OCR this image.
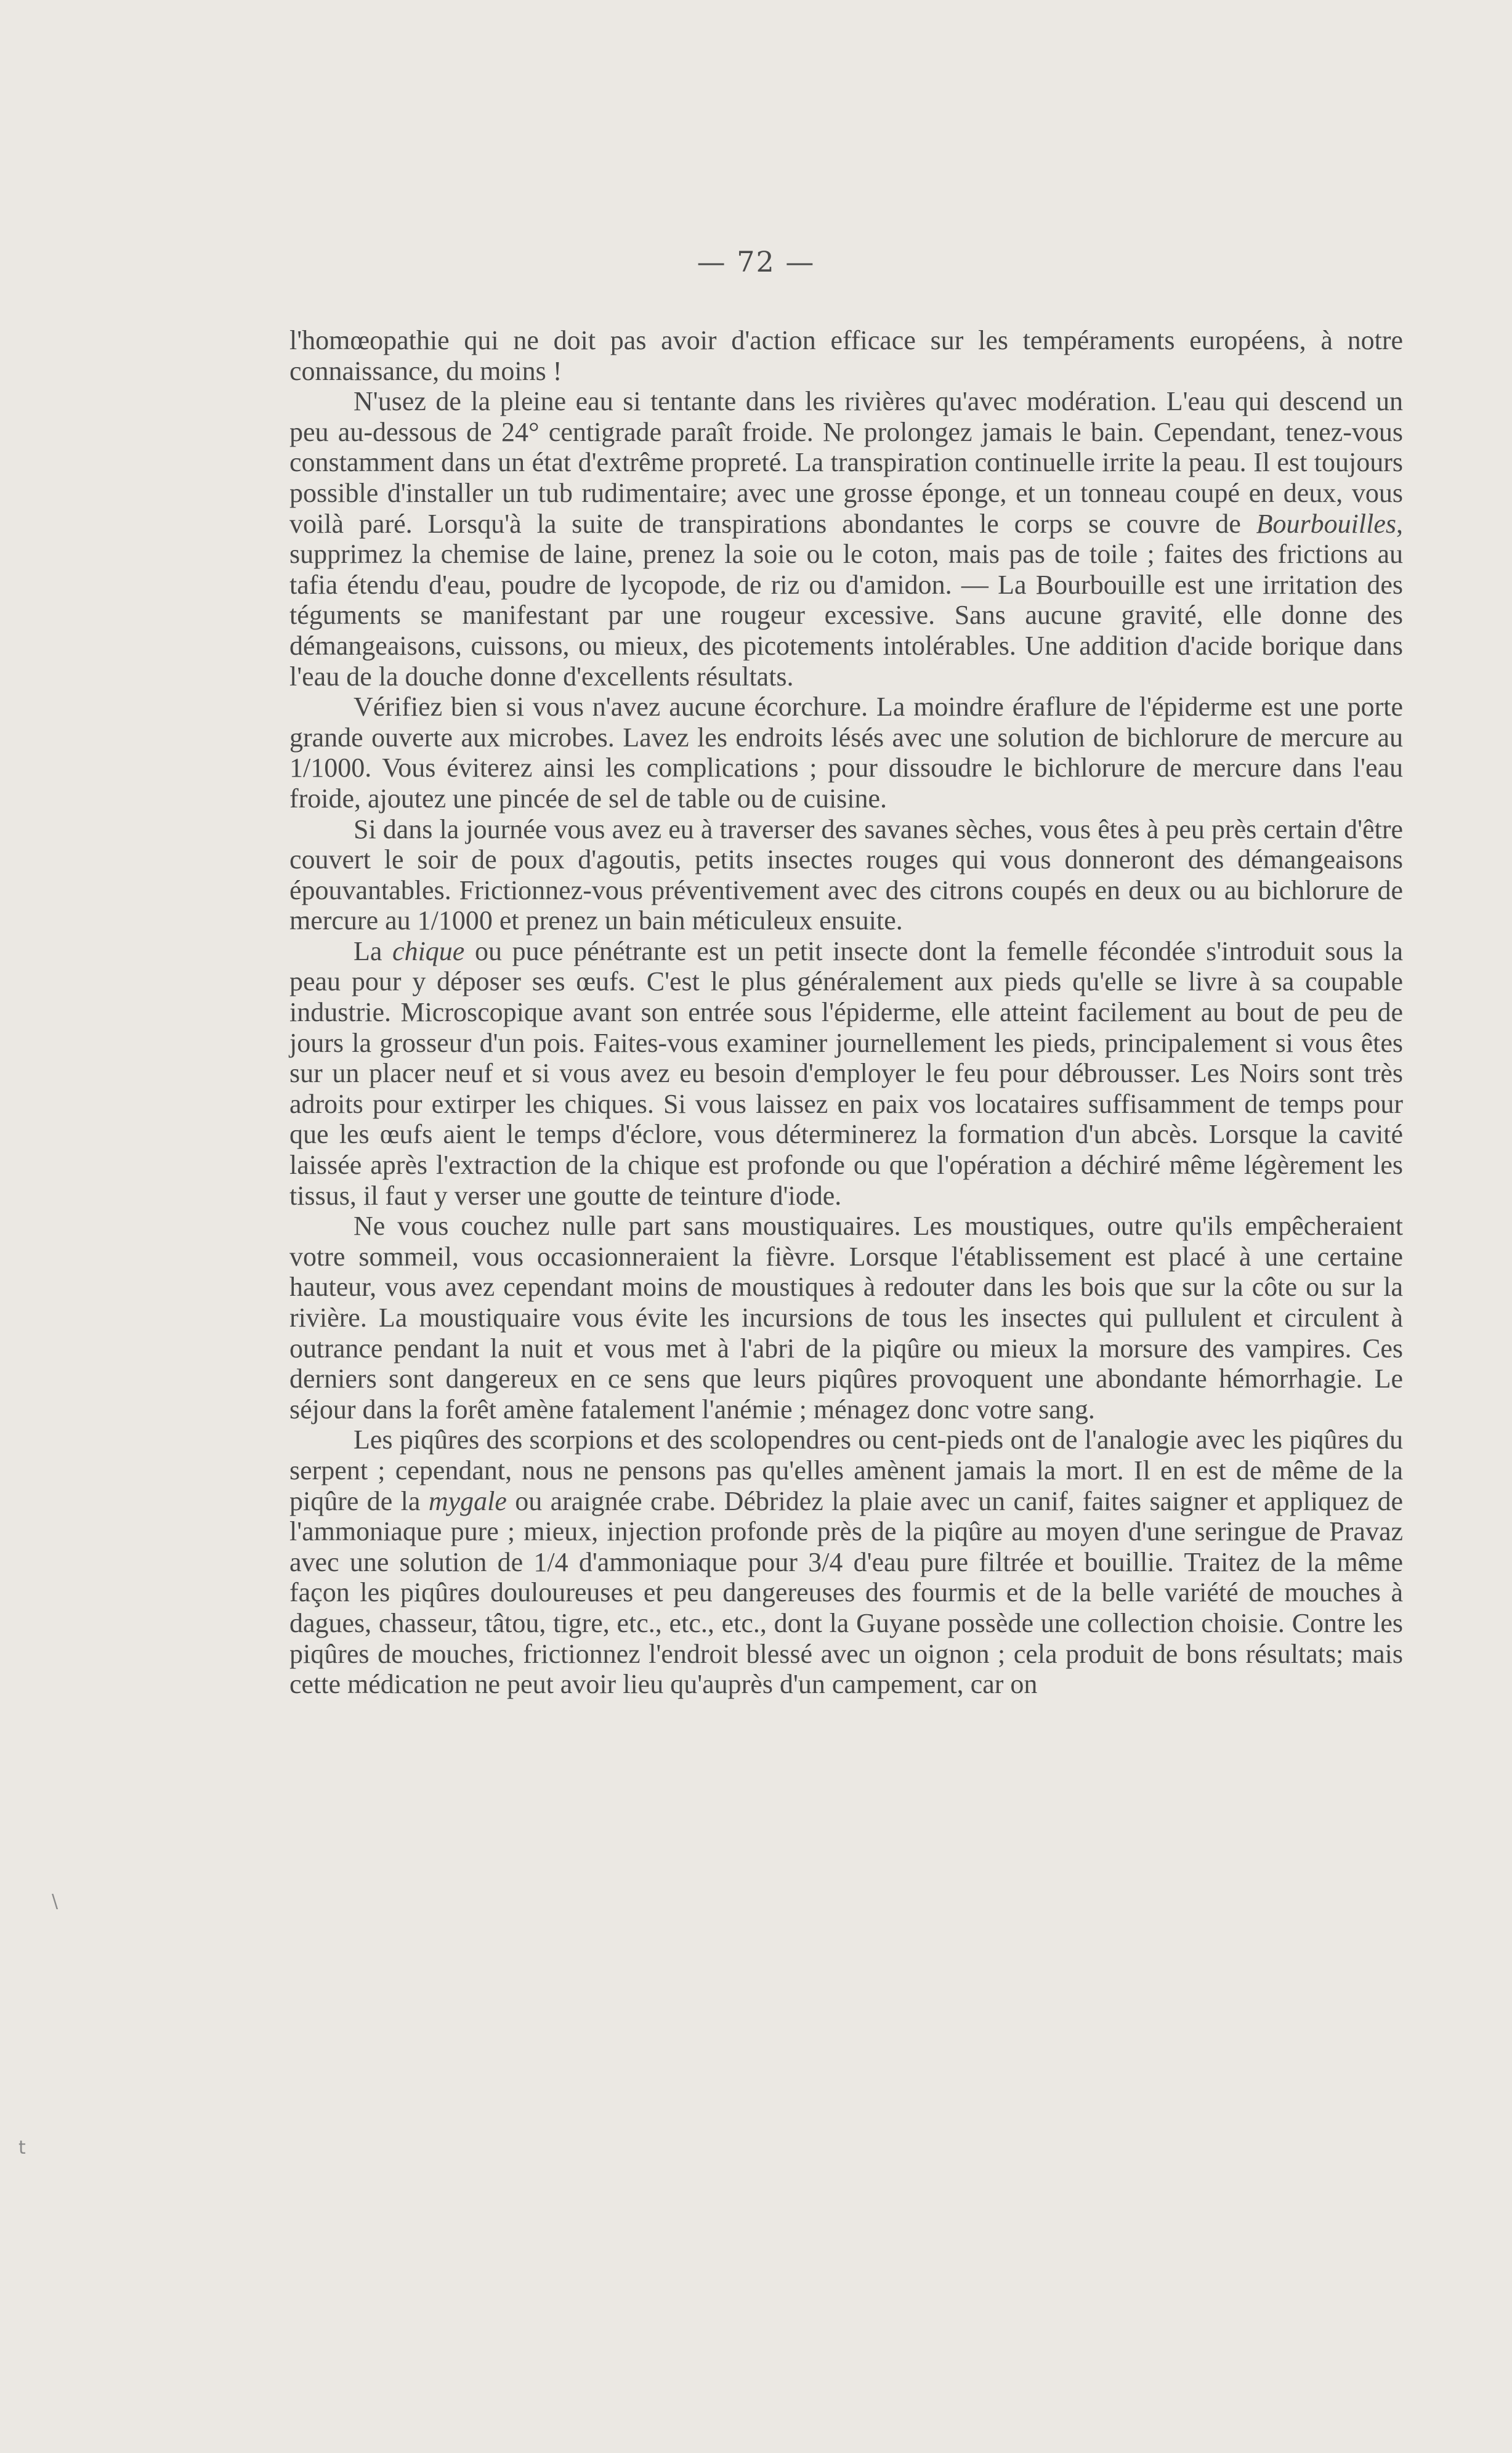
— 72 —

l'homœopathie qui ne doit pas avoir d'action efficace sur les tempéraments européens, à notre connaissance, du moins !

N'usez de la pleine eau si tentante dans les rivières qu'avec modération. L'eau qui descend un peu au-dessous de 24° centigrade paraît froide. Ne prolongez jamais le bain. Cependant, tenez-vous constamment dans un état d'extrême propreté. La transpiration continuelle irrite la peau. Il est toujours possible d'installer un tub rudimentaire; avec une grosse éponge, et un tonneau coupé en deux, vous voilà paré. Lorsqu'à la suite de transpirations abondantes le corps se couvre de Bourbouilles, supprimez la chemise de laine, prenez la soie ou le coton, mais pas de toile ; faites des frictions au tafia étendu d'eau, poudre de lycopode, de riz ou d'amidon. — La Bourbouille est une irritation des téguments se manifestant par une rougeur excessive. Sans aucune gravité, elle donne des démangeaisons, cuissons, ou mieux, des picotements intolérables. Une addition d'acide borique dans l'eau de la douche donne d'excellents résultats.

Vérifiez bien si vous n'avez aucune écorchure. La moindre éraflure de l'épiderme est une porte grande ouverte aux microbes. Lavez les endroits lésés avec une solution de bichlorure de mercure au 1/1000. Vous éviterez ainsi les complications ; pour dissoudre le bichlorure de mercure dans l'eau froide, ajoutez une pincée de sel de table ou de cuisine.

Si dans la journée vous avez eu à traverser des savanes sèches, vous êtes à peu près certain d'être couvert le soir de poux d'agoutis, petits insectes rouges qui vous donneront des démangeaisons épouvantables. Frictionnez-vous préventivement avec des citrons coupés en deux ou au bichlorure de mercure au 1/1000 et prenez un bain méticuleux ensuite.

La chique ou puce pénétrante est un petit insecte dont la femelle fécondée s'introduit sous la peau pour y déposer ses œufs. C'est le plus généralement aux pieds qu'elle se livre à sa coupable industrie. Microscopique avant son entrée sous l'épiderme, elle atteint facilement au bout de peu de jours la grosseur d'un pois. Faites-vous examiner journellement les pieds, principalement si vous êtes sur un placer neuf et si vous avez eu besoin d'employer le feu pour débrousser. Les Noirs sont très adroits pour extirper les chiques. Si vous laissez en paix vos locataires suffisamment de temps pour que les œufs aient le temps d'éclore, vous déterminerez la formation d'un abcès. Lorsque la cavité laissée après l'extraction de la chique est profonde ou que l'opération a déchiré même légèrement les tissus, il faut y verser une goutte de teinture d'iode.

Ne vous couchez nulle part sans moustiquaires. Les moustiques, outre qu'ils empêcheraient votre sommeil, vous occasionneraient la fièvre. Lorsque l'établissement est placé à une certaine hauteur, vous avez cependant moins de moustiques à redouter dans les bois que sur la côte ou sur la rivière. La moustiquaire vous évite les incursions de tous les insectes qui pullulent et circulent à outrance pendant la nuit et vous met à l'abri de la piqûre ou mieux la morsure des vampires. Ces derniers sont dangereux en ce sens que leurs piqûres provoquent une abondante hémorrhagie. Le séjour dans la forêt amène fatalement l'anémie ; ménagez donc votre sang.

Les piqûres des scorpions et des scolopendres ou cent-pieds ont de l'analogie avec les piqûres du serpent ; cependant, nous ne pensons pas qu'elles amènent jamais la mort. Il en est de même de la piqûre de la mygale ou araignée crabe. Débridez la plaie avec un canif, faites saigner et appliquez de l'ammoniaque pure ; mieux, injection profonde près de la piqûre au moyen d'une seringue de Pravaz avec une solution de 1/4 d'ammoniaque pour 3/4 d'eau pure filtrée et bouillie. Traitez de la même façon les piqûres douloureuses et peu dangereuses des fourmis et de la belle variété de mouches à dagues, chasseur, tâtou, tigre, etc., etc., etc., dont la Guyane possède une collection choisie. Contre les piqûres de mouches, frictionnez l'endroit blessé avec un oignon ; cela produit de bons résultats; mais cette médication ne peut avoir lieu qu'auprès d'un campement, car on

\
t
